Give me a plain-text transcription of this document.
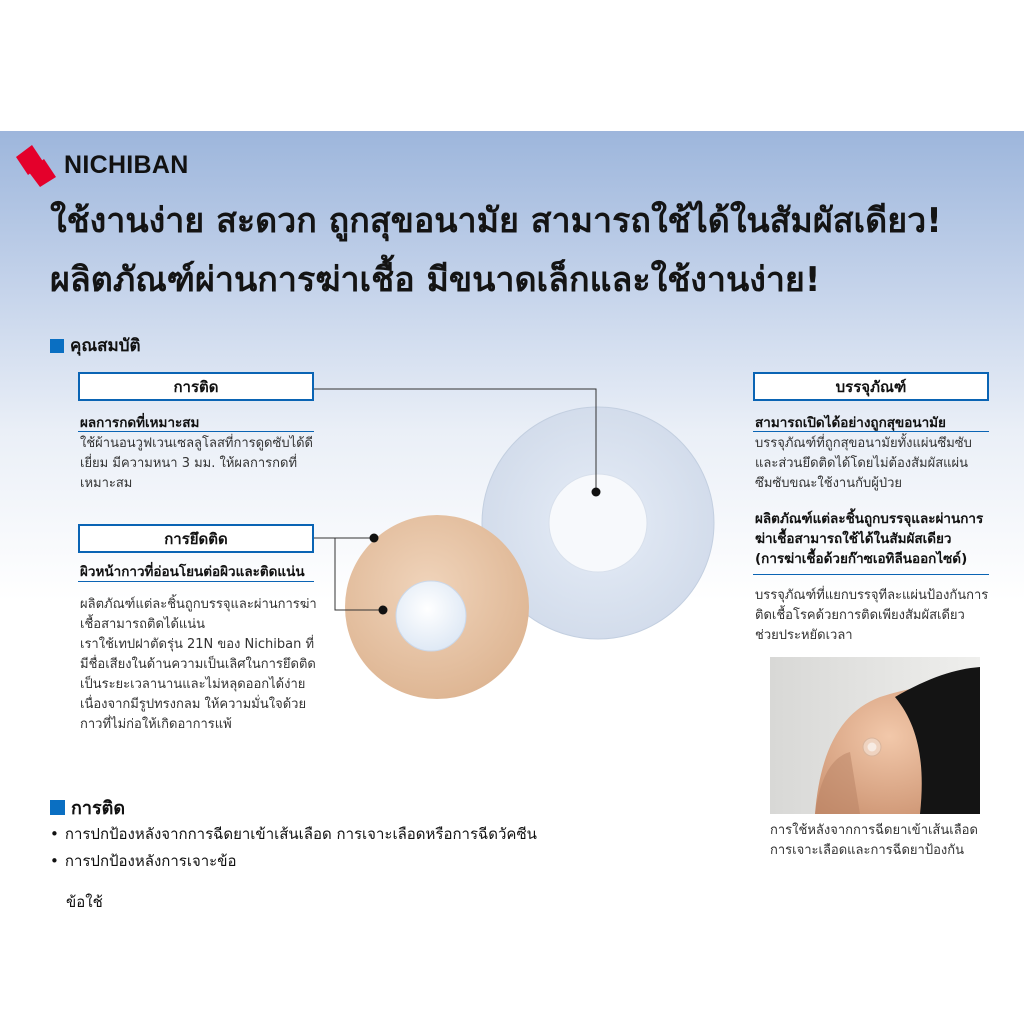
NICHIBAN
ใช้งานง่าย สะดวก ถูกสุขอนามัย สามารถใช้ได้ในสัมผัสเดียว!
ผลิตภัณฑ์ผ่านการฆ่าเชื้อ มีขนาดเล็กและใช้งานง่าย!
คุณสมบัติ
การติด
ผลการกดที่เหมาะสม

ใช้ผ้านอนวูฟเวนเซลลูโลสที่การดูดซับได้ดี

เยี่ยม มีความหนา 3 มม. ให้ผลการกดที่

เหมาะสม

การยึดติด
ผิวหน้ากาวที่อ่อนโยนต่อผิวและติดแน่น

ผลิตภัณฑ์แต่ละชิ้นถูกบรรจุและผ่านการฆ่า

เชื้อสามารถติดได้แน่น

เราใช้เทปฝาตัดรุ่น 21N ของ Nichiban ที่

มีชื่อเสียงในด้านความเป็นเลิศในการยึดติด

เป็นระยะเวลานานและไม่หลุดออกได้ง่าย

เนื่องจากมีรูปทรงกลม ให้ความมั่นใจด้วย

กาวที่ไม่ก่อให้เกิดอาการแพ้

บรรจุภัณฑ์
สามารถเปิดได้อย่างถูกสุขอนามัย

บรรจุภัณฑ์ที่ถูกสุขอนามัยทั้งแผ่นซึมซับ

และส่วนยึดติดได้โดยไม่ต้องสัมผัสแผ่น

ซึมซับขณะใช้งานกับผู้ป่วย

ผลิตภัณฑ์แต่ละชิ้นถูกบรรจุและผ่านการ
ฆ่าเชื้อสามารถใช้ได้ในสัมผัสเดียว
(การฆ่าเชื้อด้วยก๊าซเอทิลีนออกไซด์)

บรรจุภัณฑ์ที่แยกบรรจุทีละแผ่นป้องกันการ

ติดเชื้อโรคด้วยการติดเพียงสัมผัสเดียว

ช่วยประหยัดเวลา

การใช้หลังจากการฉีดยาเข้าเส้นเลือด

การเจาะเลือดและการฉีดยาป้องกัน

การติด
• การปกป้องหลังจากการฉีดยาเข้าเส้นเลือด การเจาะเลือดหรือการฉีดวัคซีน
• การปกป้องหลังการเจาะข้อ
ข้อใช้
